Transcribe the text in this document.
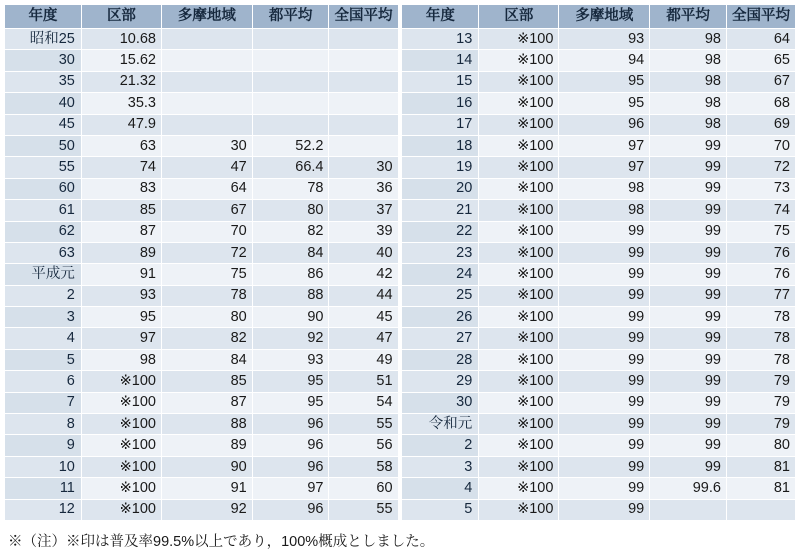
年度	区部	多摩地域	都平均	全国平均
昭和25	10.68			
30	15.62			
35	21.32			
40	35.3			
45	47.9			
50	63	30	52.2	
55	74	47	66.4	30
60	83	64	78	36
61	85	67	80	37
62	87	70	82	39
63	89	72	84	40
平成元	91	75	86	42
2	93	78	88	44
3	95	80	90	45
4	97	82	92	47
5	98	84	93	49
6	※100	85	95	51
7	※100	87	95	54
8	※100	88	96	55
9	※100	89	96	56
10	※100	90	96	58
11	※100	91	97	60
12	※100	92	96	55
年度	区部	多摩地域	都平均	全国平均
13	※100	93	98	64
14	※100	94	98	65
15	※100	95	98	67
16	※100	95	98	68
17	※100	96	98	69
18	※100	97	99	70
19	※100	97	99	72
20	※100	98	99	73
21	※100	98	99	74
22	※100	99	99	75
23	※100	99	99	76
24	※100	99	99	76
25	※100	99	99	77
26	※100	99	99	78
27	※100	99	99	78
28	※100	99	99	78
29	※100	99	99	79
30	※100	99	99	79
令和元	※100	99	99	79
2	※100	99	99	80
3	※100	99	99	81
4	※100	99	99.6	81
5	※100	99		
※（注）※印は普及率99.5%以上であり，100%概成としました。
